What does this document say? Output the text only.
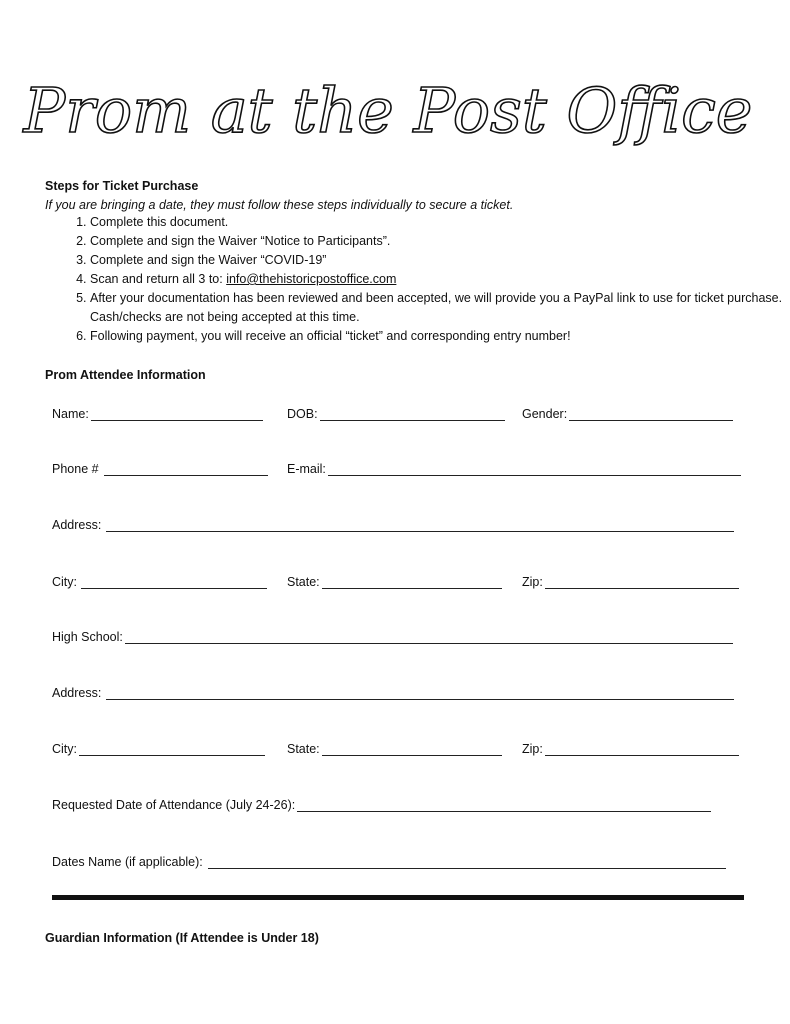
Prom at the Post Office
Steps for Ticket Purchase
If you are bringing a date, they must follow these steps individually to secure a ticket.
1. Complete this document.
2. Complete and sign the Waiver “Notice to Participants”.
3. Complete and sign the Waiver “COVID-19”
4. Scan and return all 3 to: info@thehistoricpostoffice.com
5. After your documentation has been reviewed and been accepted, we will provide you a PayPal link to use for ticket purchase. Cash/checks are not being accepted at this time.
6. Following payment, you will receive an official “ticket” and corresponding entry number!
Prom Attendee Information
Name:	DOB:	Gender:
Phone #	E-mail:
Address:
City:	State:	Zip:
High School:
Address:
City:	State:	Zip:
Requested Date of Attendance (July 24-26):
Dates Name (if applicable):
Guardian Information (If Attendee is Under 18)
